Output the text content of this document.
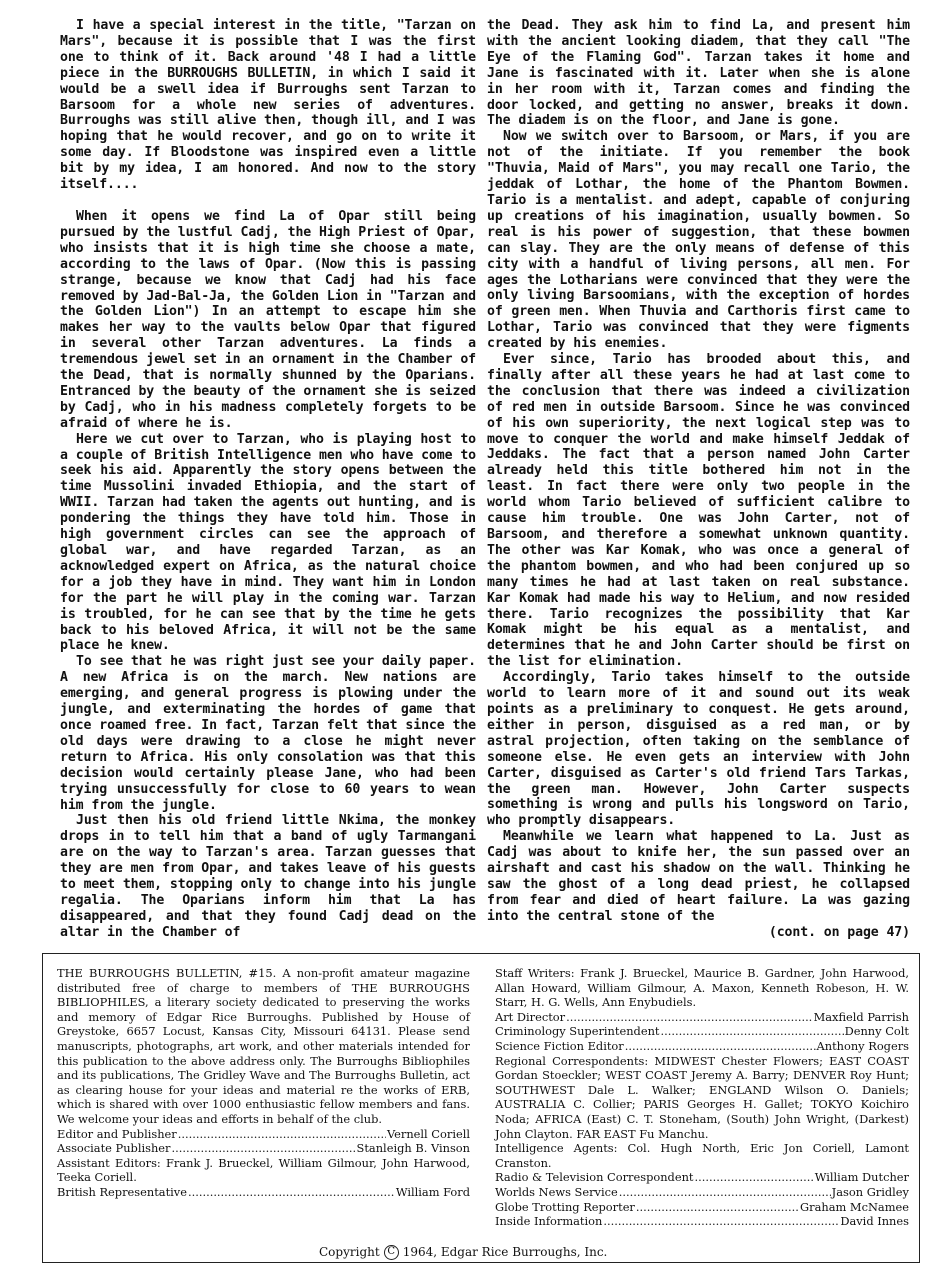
I have a special interest in the title, "Tarzan on Mars", because it is possible that I was the first one to think of it. Back around '48 I had a little piece in the BURROUGHS BULLETIN, in which I said it would be a swell idea if Burroughs sent Tarzan to Barsoom for a whole new series of adventures. Burroughs was still alive then, though ill, and I was hoping that he would recover, and go on to write it some day. If Bloodstone was inspired even a little bit by my idea, I am honored. And now to the story itself....

When it opens we find La of Opar still being pursued by the lustful Cadj, the High Priest of Opar, who insists that it is high time she choose a mate, according to the laws of Opar. (Now this is passing strange, because we know that Cadj had his face removed by Jad-Bal-Ja, the Golden Lion in "Tarzan and the Golden Lion") In an attempt to escape him she makes her way to the vaults below Opar that figured in several other Tarzan adventures. La finds a tremendous jewel set in an ornament in the Chamber of the Dead, that is normally shunned by the Oparians. Entranced by the beauty of the ornament she is seized by Cadj, who in his madness completely forgets to be afraid of where he is.

Here we cut over to Tarzan, who is playing host to a couple of British Intelligence men who have come to seek his aid. Apparently the story opens between the time Mussolini invaded Ethiopia, and the start of WWII. Tarzan had taken the agents out hunting, and is pondering the things they have told him. Those in high government circles can see the approach of global war, and have regarded Tarzan, as an acknowledged expert on Africa, as the natural choice for a job they have in mind. They want him in London for the part he will play in the coming war. Tarzan is troubled, for he can see that by the time he gets back to his beloved Africa, it will not be the same place he knew.

To see that he was right just see your daily paper. A new Africa is on the march. New nations are emerging, and general progress is plowing under the jungle, and exterminating the hordes of game that once roamed free. In fact, Tarzan felt that since the old days were drawing to a close he might never return to Africa. His only consolation was that this decision would certainly please Jane, who had been trying unsuccessfully for close to 60 years to wean him from the jungle.

Just then his old friend little Nkima, the monkey drops in to tell him that a band of ugly Tarmangani are on the way to Tarzan's area. Tarzan guesses that they are men from Opar, and takes leave of his guests to meet them, stopping only to change into his jungle regalia. The Oparians inform him that La has disappeared, and that they found Cadj dead on the altar in the Chamber of

the Dead. They ask him to find La, and present him with the ancient looking diadem, that they call "The Eye of the Flaming God". Tarzan takes it home and Jane is fascinated with it. Later when she is alone in her room with it, Tarzan comes and finding the door locked, and getting no answer, breaks it down. The diadem is on the floor, and Jane is gone.

Now we switch over to Barsoom, or Mars, if you are not of the initiate. If you remember the book "Thuvia, Maid of Mars", you may recall one Tario, the jeddak of Lothar, the home of the Phantom Bowmen. Tario is a mentalist. and adept, capable of conjuring up creations of his imagination, usually bowmen. So real is his power of suggestion, that these bowmen can slay. They are the only means of defense of this city with a handful of living persons, all men. For ages the Lotharians were convinced that they were the only living Barsoomians, with the exception of hordes of green men. When Thuvia and Carthoris first came to Lothar, Tario was convinced that they were figments created by his enemies.

Ever since, Tario has brooded about this, and finally after all these years he had at last come to the conclusion that there was indeed a civilization of red men in outside Barsoom. Since he was convinced of his own superiority, the next logical step was to move to conquer the world and make himself Jeddak of Jeddaks. The fact that a person named John Carter already held this title bothered him not in the least. In fact there were only two people in the world whom Tario believed of sufficient calibre to cause him trouble. One was John Carter, not of Barsoom, and therefore a somewhat unknown quantity. The other was Kar Komak, who was once a general of the phantom bowmen, and who had been conjured up so many times he had at last taken on real substance. Kar Komak had made his way to Helium, and now resided there. Tario recognizes the possibility that Kar Komak might be his equal as a mentalist, and determines that he and John Carter should be first on the list for elimination.

Accordingly, Tario takes himself to the outside world to learn more of it and sound out its weak points as a preliminary to conquest. He gets around, either in person, disguised as a red man, or by astral projection, often taking on the semblance of someone else. He even gets an interview with John Carter, disguised as Carter's old friend Tars Tarkas, the green man. However, John Carter suspects something is wrong and pulls his longsword on Tario, who promptly disappears.

Meanwhile we learn what happened to La. Just as Cadj was about to knife her, the sun passed over an airshaft and cast his shadow on the wall. Thinking he saw the ghost of a long dead priest, he collapsed from fear and died of heart failure. La was gazing into the central stone of the

(cont. on page 47)

THE BURROUGHS BULLETIN, #15. A non-profit amateur magazine distributed free of charge to members of THE BURROUGHS BIBLIOPHILES, a literary society dedicated to preserving the works and memory of Edgar Rice Burroughs. Published by House of Greystoke, 6657 Locust, Kansas City, Missouri 64131. Please send manuscripts, photographs, art work, and other materials intended for this publication to the above address only. The Burroughs Bibliophiles and its publications, The Gridley Wave and The Burroughs Bulletin, act as clearing house for your ideas and material re the works of ERB, which is shared with over 1000 enthusiastic fellow members and fans. We welcome your ideas and efforts in behalf of the club.

Editor and Publisher .....	Vernell Coriell
Associate Publisher .....	Stanleigh B. Vinson

Assistant Editors: Frank J. Brueckel, William Gilmour, John Harwood, Teeka Coriell.

British Representative .....	William Ford

Staff Writers: Frank J. Brueckel, Maurice B. Gardner, John Harwood, Allan Howard, William Gilmour, A. Maxon, Kenneth Robeson, H. W. Starr, H. G. Wells, Ann Enybudiels.

Art Director .....	Maxfield Parrish
Criminology Superintendent .....	Denny Colt
Science Fiction Editor .....	Anthony Rogers

Regional Correspondents: MIDWEST Chester Flowers; EAST COAST Gordan Stoeckler; WEST COAST Jeremy A. Barry; DENVER Roy Hunt; SOUTHWEST Dale L. Walker; ENGLAND Wilson O. Daniels; AUSTRALIA C. Collier; PARIS Georges H. Gallet; TOKYO Koichiro Noda; AFRICA (East) C. T. Stoneham, (South) John Wright, (Darkest) John Clayton. FAR EAST Fu Manchu.

Intelligence Agents: Col. Hugh North, Eric Jon Coriell, Lamont Cranston.

Radio & Television Correspondent .....	William Dutcher
Worlds News Service .....	Jason Gridley
Globe Trotting Reporter .....	Graham McNamee
Inside Information .....	David Innes
Copyright C 1964, Edgar Rice Burroughs, Inc.
